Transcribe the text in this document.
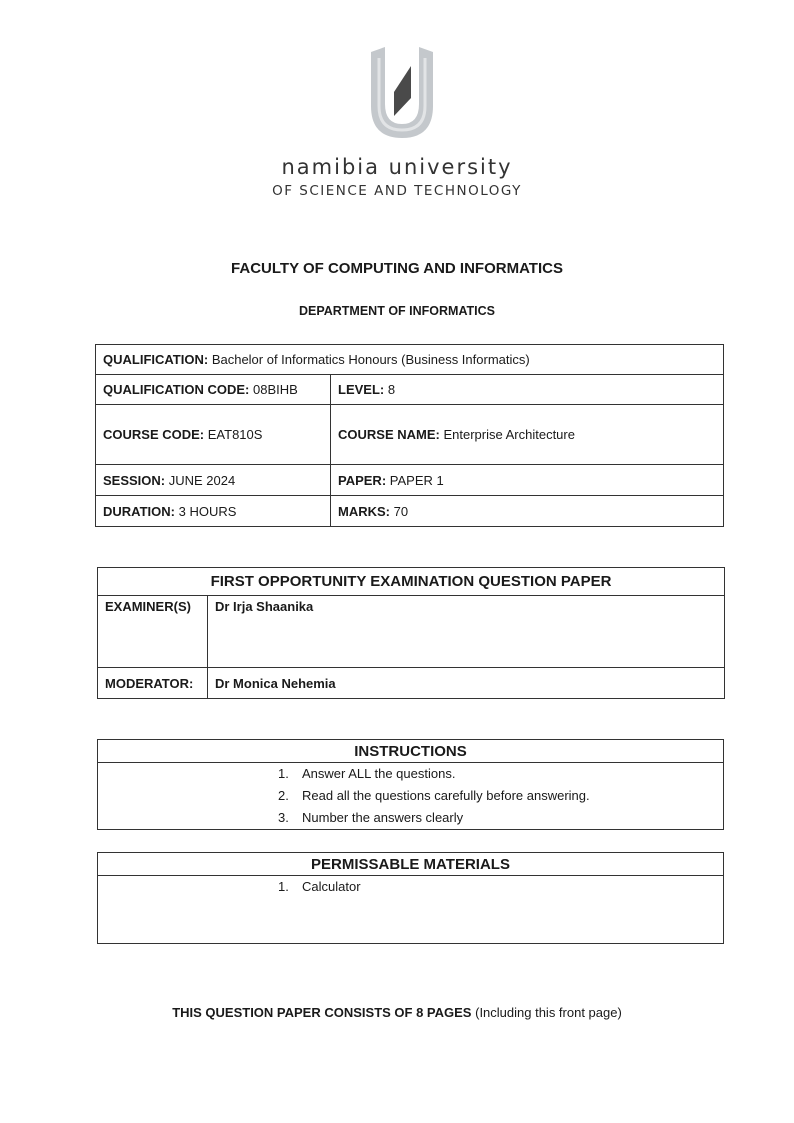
namibia university
OF SCIENCE AND TECHNOLOGY
FACULTY OF COMPUTING AND INFORMATICS
DEPARTMENT OF INFORMATICS
QUALIFICATION: Bachelor of Informatics Honours (Business Informatics)	
QUALIFICATION CODE: 08BIHB	LEVEL: 8
COURSE CODE: EAT810S	COURSE NAME: Enterprise Architecture
SESSION: JUNE 2024	PAPER: PAPER 1
DURATION: 3 HOURS	MARKS: 70
FIRST OPPORTUNITY EXAMINATION QUESTION PAPER	
EXAMINER(S)	Dr Irja Shaanika
MODERATOR:	Dr Monica Nehemia
INSTRUCTIONS

1. Answer ALL the questions.
2. Read all the questions carefully before answering.
3. Number the answers clearly
PERMISSABLE MATERIALS

1. Calculator
THIS QUESTION PAPER CONSISTS OF 8 PAGES (Including this front page)
